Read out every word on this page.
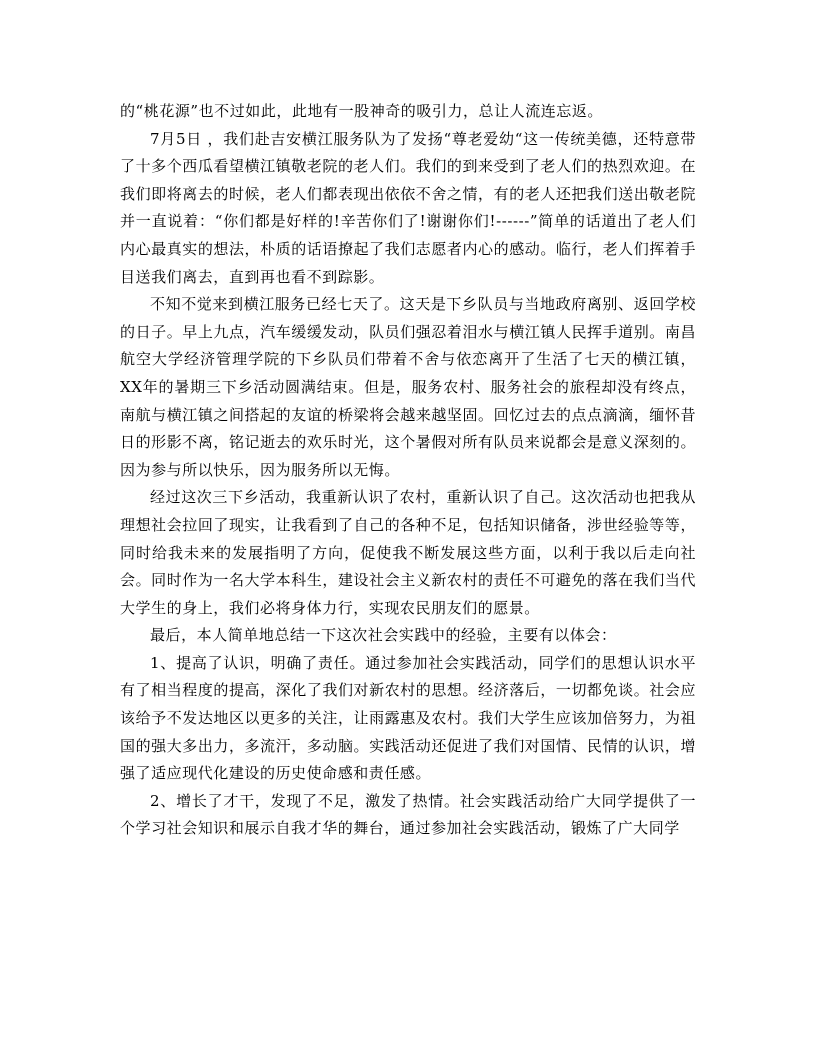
的“桃花源”也不过如此，此地有一股神奇的吸引力，总让人流连忘返。

7月5日 ，我们赴吉安横江服务队为了发扬“尊老爱幼“这一传统美德，还特意带了十多个西瓜看望横江镇敬老院的老人们。我们的到来受到了老人们的热烈欢迎。在我们即将离去的时候，老人们都表现出依依不舍之情，有的老人还把我们送出敬老院并一直说着：“你们都是好样的!辛苦你们了!谢谢你们!------”简单的话道出了老人们内心最真实的想法，朴质的话语撩起了我们志愿者内心的感动。临行，老人们挥着手目送我们离去，直到再也看不到踪影。

不知不觉来到横江服务已经七天了。这天是下乡队员与当地政府离别、返回学校的日子。早上九点，汽车缓缓发动，队员们强忍着泪水与横江镇人民挥手道别。南昌航空大学经济管理学院的下乡队员们带着不舍与依恋离开了生活了七天的横江镇，XX年的暑期三下乡活动圆满结束。但是，服务农村、服务社会的旅程却没有终点，南航与横江镇之间搭起的友谊的桥梁将会越来越坚固。回忆过去的点点滴滴，缅怀昔日的形影不离，铭记逝去的欢乐时光，这个暑假对所有队员来说都会是意义深刻的。因为参与所以快乐，因为服务所以无悔。

经过这次三下乡活动，我重新认识了农村，重新认识了自己。这次活动也把我从理想社会拉回了现实，让我看到了自己的各种不足，包括知识储备，涉世经验等等，同时给我未来的发展指明了方向，促使我不断发展这些方面，以利于我以后走向社会。同时作为一名大学本科生，建设社会主义新农村的责任不可避免的落在我们当代大学生的身上，我们必将身体力行，实现农民朋友们的愿景。

最后，本人简单地总结一下这次社会实践中的经验，主要有以体会：

1、提高了认识，明确了责任。通过参加社会实践活动，同学们的思想认识水平有了相当程度的提高，深化了我们对新农村的思想。经济落后，一切都免谈。社会应该给予不发达地区以更多的关注，让雨露惠及农村。我们大学生应该加倍努力，为祖国的强大多出力，多流汗，多动脑。实践活动还促进了我们对国情、民情的认识，增强了适应现代化建设的历史使命感和责任感。

2、增长了才干，发现了不足，激发了热情。社会实践活动给广大同学提供了一个学习社会知识和展示自我才华的舞台，通过参加社会实践活动，锻炼了广大同学
